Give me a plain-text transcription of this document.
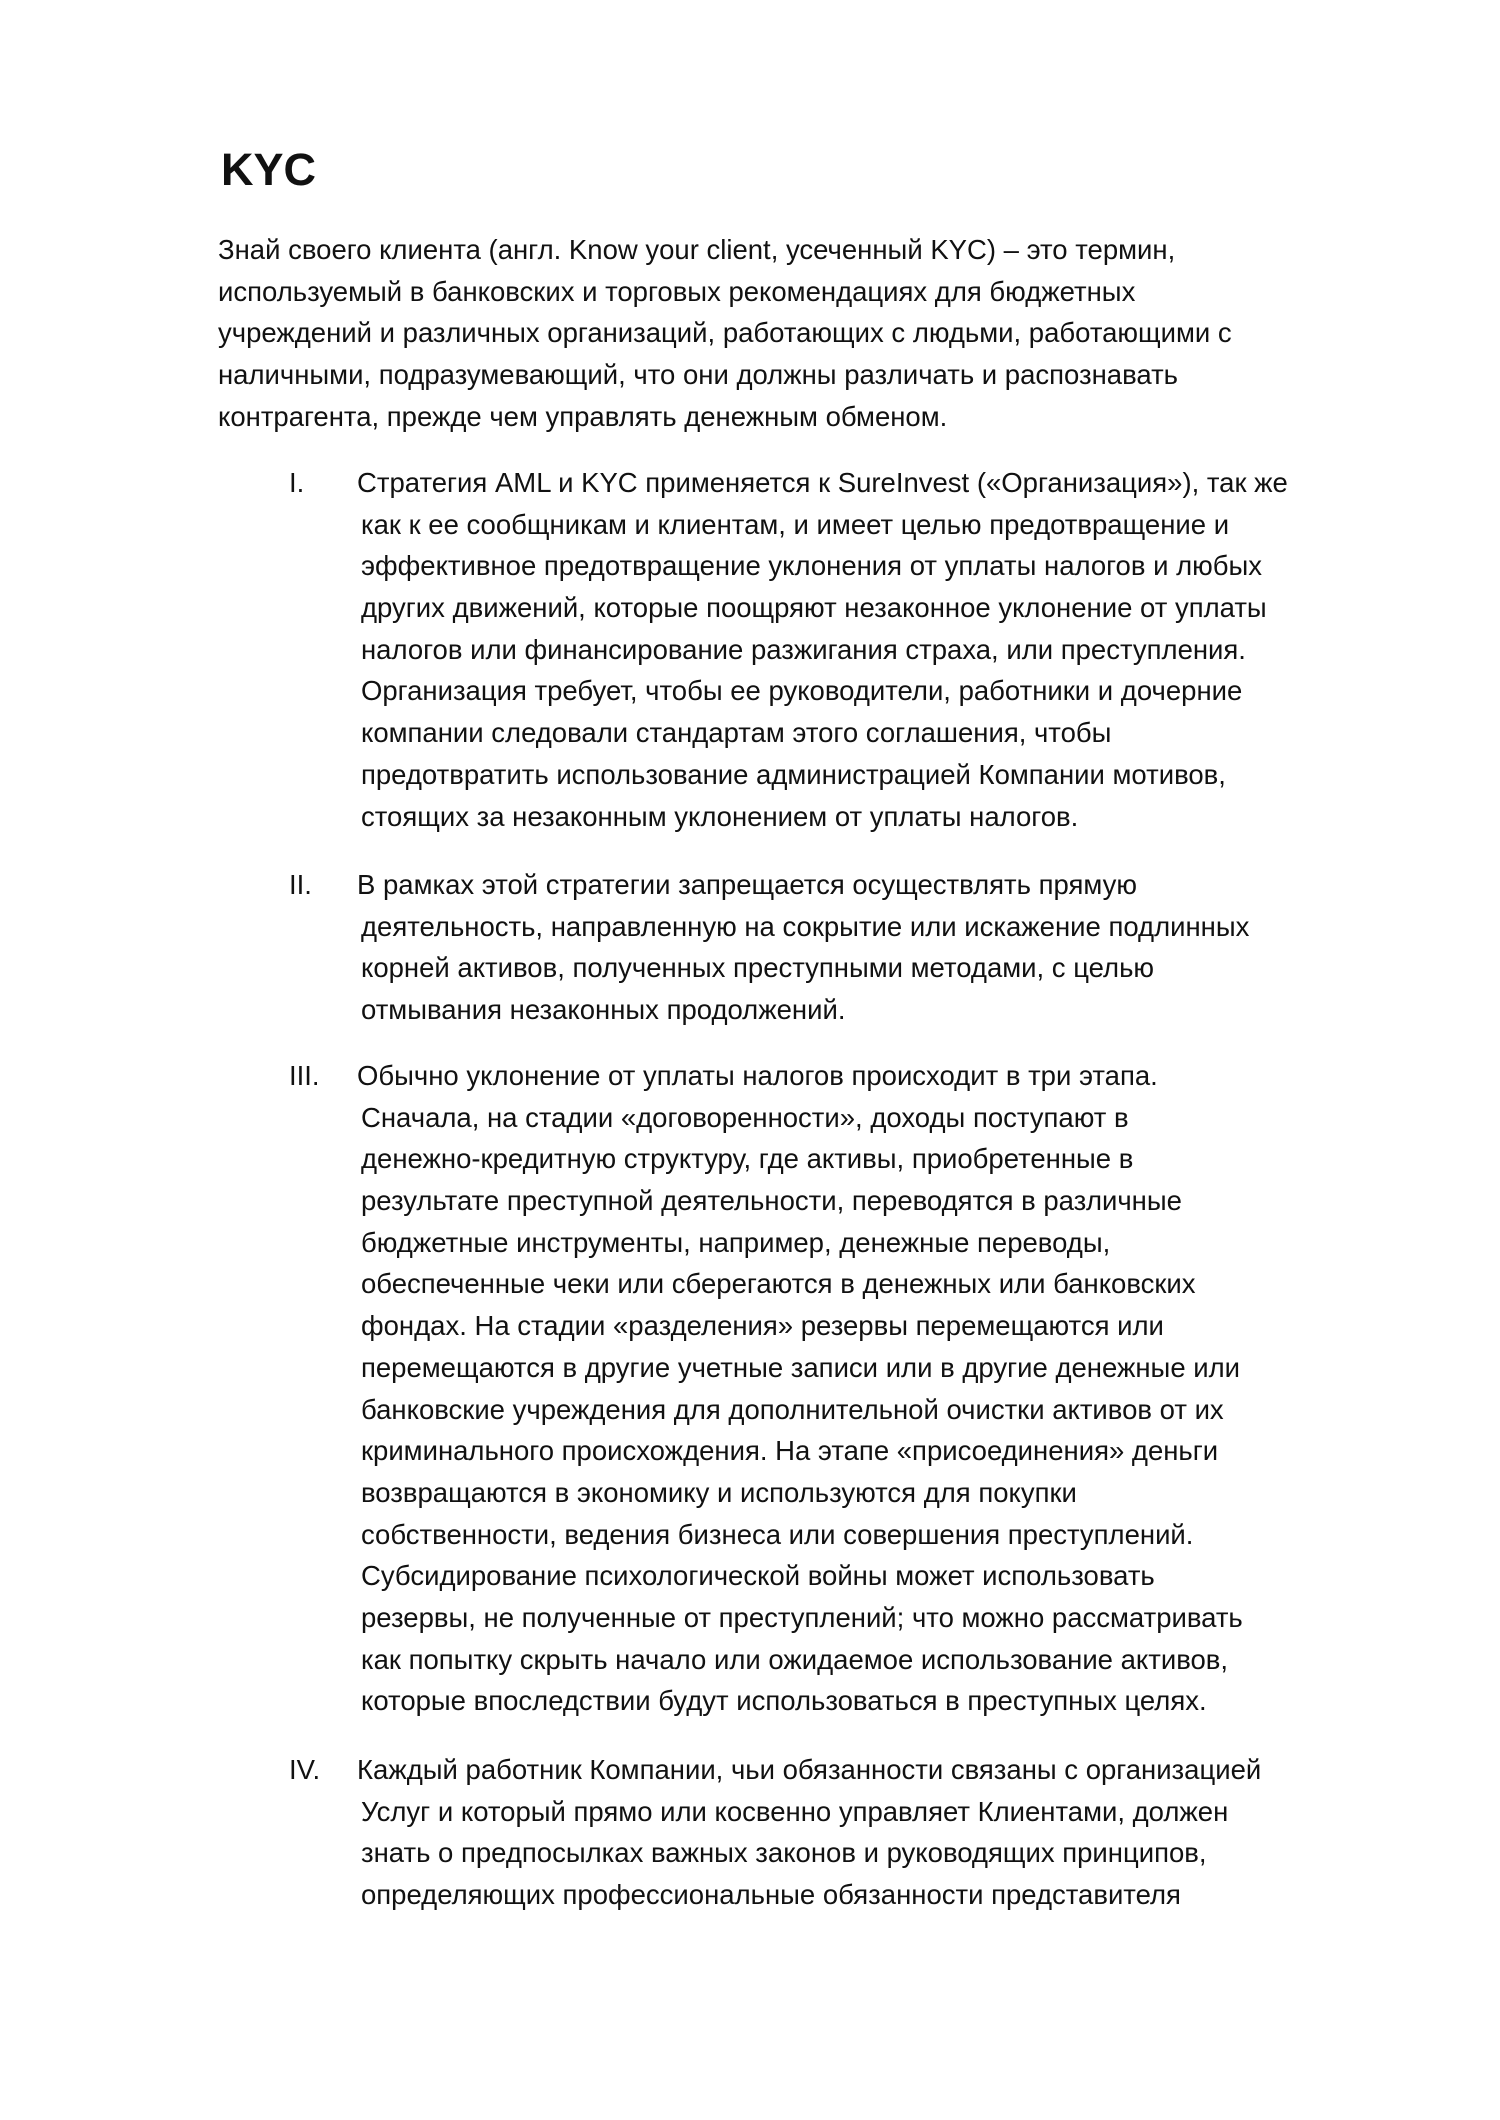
KYC
Знай своего клиента (англ. Know your client, усеченный KYC) – это термин,
используемый в банковских и торговых рекомендациях для бюджетных
учреждений и различных организаций, работающих с людьми, работающими с
наличными, подразумевающий, что они должны различать и распознавать
контрагента, прежде чем управлять денежным обменом.
I. Стратегия AML и KYC применяется к SureInvest («Организация»), так же
как к ее сообщникам и клиентам, и имеет целью предотвращение и
эффективное предотвращение уклонения от уплаты налогов и любых
других движений, которые поощряют незаконное уклонение от уплаты
налогов или финансирование разжигания страха, или преступления.
Организация требует, чтобы ее руководители, работники и дочерние
компании следовали стандартам этого соглашения, чтобы
предотвратить использование администрацией Компании мотивов,
стоящих за незаконным уклонением от уплаты налогов.
II. В рамках этой стратегии запрещается осуществлять прямую
деятельность, направленную на сокрытие или искажение подлинных
корней активов, полученных преступными методами, с целью
отмывания незаконных продолжений.
III. Обычно уклонение от уплаты налогов происходит в три этапа.
Сначала, на стадии «договоренности», доходы поступают в
денежно-кредитную структуру, где активы, приобретенные в
результате преступной деятельности, переводятся в различные
бюджетные инструменты, например, денежные переводы,
обеспеченные чеки или сберегаются в денежных или банковских
фондах. На стадии «разделения» резервы перемещаются или
перемещаются в другие учетные записи или в другие денежные или
банковские учреждения для дополнительной очистки активов от их
криминального происхождения. На этапе «присоединения» деньги
возвращаются в экономику и используются для покупки
собственности, ведения бизнеса или совершения преступлений.
Субсидирование психологической войны может использовать
резервы, не полученные от преступлений; что можно рассматривать
как попытку скрыть начало или ожидаемое использование активов,
которые впоследствии будут использоваться в преступных целях.
IV. Каждый работник Компании, чьи обязанности связаны с организацией
Услуг и который прямо или косвенно управляет Клиентами, должен
знать о предпосылках важных законов и руководящих принципов,
определяющих профессиональные обязанности представителя
